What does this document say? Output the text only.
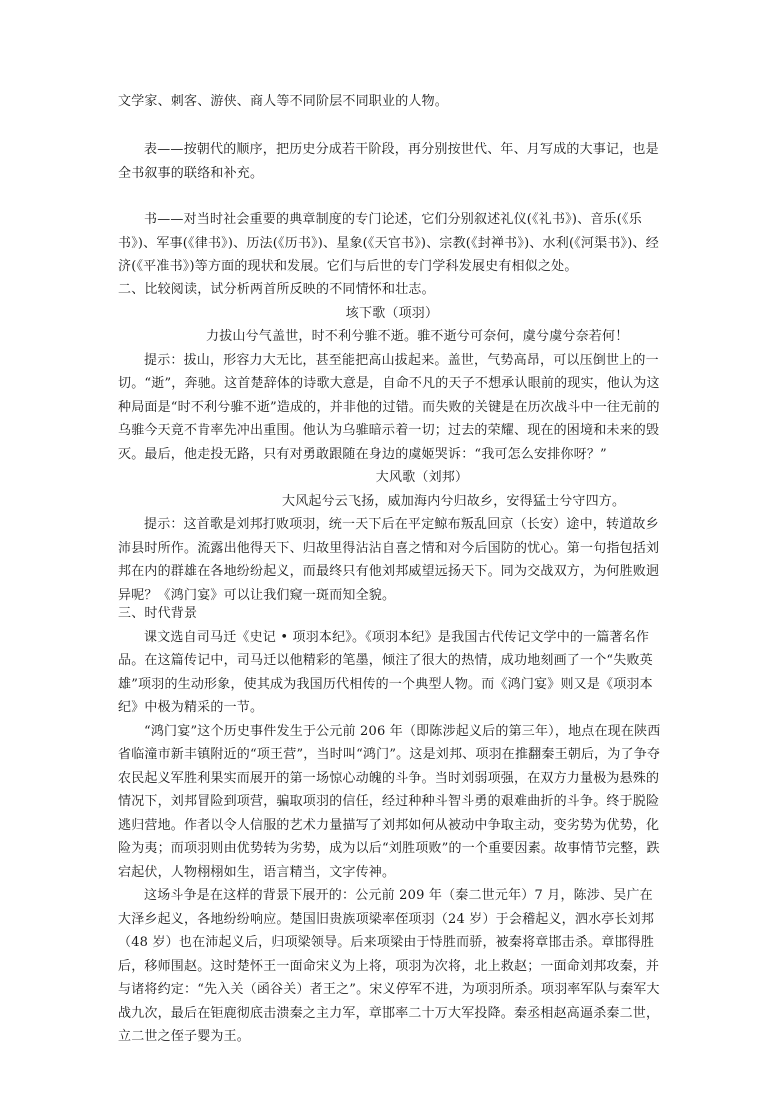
文学家、刺客、游侠、商人等不同阶层不同职业的人物。

表——按朝代的顺序，把历史分成若干阶段，再分别按世代、年、月写成的大事记，也是全书叙事的联络和补充。

书——对当时社会重要的典章制度的专门论述，它们分别叙述礼仪(《礼书》)、音乐(《乐书》)、军事(《律书》)、历法(《历书》)、星象(《天官书》)、宗教(《封禅书》)、水利(《河渠书》)、经济(《平准书》)等方面的现状和发展。它们与后世的专门学科发展史有相似之处。

二、比较阅读，试分析两首所反映的不同情怀和壮志。

垓下歌（项羽）

力拔山兮气盖世，时不利兮骓不逝。骓不逝兮可奈何，虞兮虞兮奈若何！

提示：拔山，形容力大无比，甚至能把高山拔起来。盖世，气势高昂，可以压倒世上的一切。“逝”，奔驰。这首楚辞体的诗歌大意是，自命不凡的天子不想承认眼前的现实，他认为这种局面是“时不利兮骓不逝”造成的，并非他的过错。而失败的关键是在历次战斗中一往无前的乌骓今天竟不肯率先冲出重围。他认为乌骓暗示着一切；过去的荣耀、现在的困境和未来的毁灭。最后，他走投无路，只有对勇敢跟随在身边的虞姬哭诉：“我可怎么安排你呀？”

大风歌（刘邦）

大风起兮云飞扬，威加海内兮归故乡，安得猛士兮守四方。

提示：这首歌是刘邦打败项羽，统一天下后在平定鲸布叛乱回京（长安）途中，转道故乡沛县时所作。流露出他得天下、归故里得沾沾自喜之情和对今后国防的忧心。第一句指包括刘邦在内的群雄在各地纷纷起义，而最终只有他刘邦威望远扬天下。同为交战双方，为何胜败迥异呢？《鸿门宴》可以让我们窥一斑而知全貌。

三、时代背景

课文选自司马迁《史记 • 项羽本纪》。《项羽本纪》是我国古代传记文学中的一篇著名作品。在这篇传记中，司马迁以他精彩的笔墨，倾注了很大的热情，成功地刻画了一个“失败英雄”项羽的生动形象，使其成为我国历代相传的一个典型人物。而《鸿门宴》则又是《项羽本纪》中极为精采的一节。

“鸿门宴”这个历史事件发生于公元前 206 年（即陈涉起义后的第三年），地点在现在陕西省临潼市新丰镇附近的“项王营”，当时叫“鸿门”。这是刘邦、项羽在推翻秦王朝后，为了争夺农民起义军胜利果实而展开的第一场惊心动魄的斗争。当时刘弱项强，在双方力量极为悬殊的情况下，刘邦冒险到项营，骗取项羽的信任，经过种种斗智斗勇的艰难曲折的斗争。终于脱险逃归营地。作者以令人信服的艺术力量描写了刘邦如何从被动中争取主动，变劣势为优势，化险为夷；而项羽则由优势转为劣势，成为以后“刘胜项败”的一个重要因素。故事情节完整，跌宕起伏，人物栩栩如生，语言精当，文字传神。

这场斗争是在这样的背景下展开的：公元前 209 年（秦二世元年）7 月，陈涉、吴广在大泽乡起义，各地纷纷响应。楚国旧贵族项梁率侄项羽（24 岁）于会稽起义，泗水亭长刘邦（48 岁）也在沛起义后，归项梁领导。后来项梁由于恃胜而骄，被秦将章邯击杀。章邯得胜后，移师围赵。这时楚怀王一面命宋义为上将，项羽为次将，北上救赵；一面命刘邦攻秦，并与诸将约定：“先入关（函谷关）者王之”。宋义停军不进，为项羽所杀。项羽率军队与秦军大战九次，最后在钜鹿彻底击溃秦之主力军，章邯率二十万大军投降。秦丞相赵高逼杀秦二世，立二世之侄子婴为王。
